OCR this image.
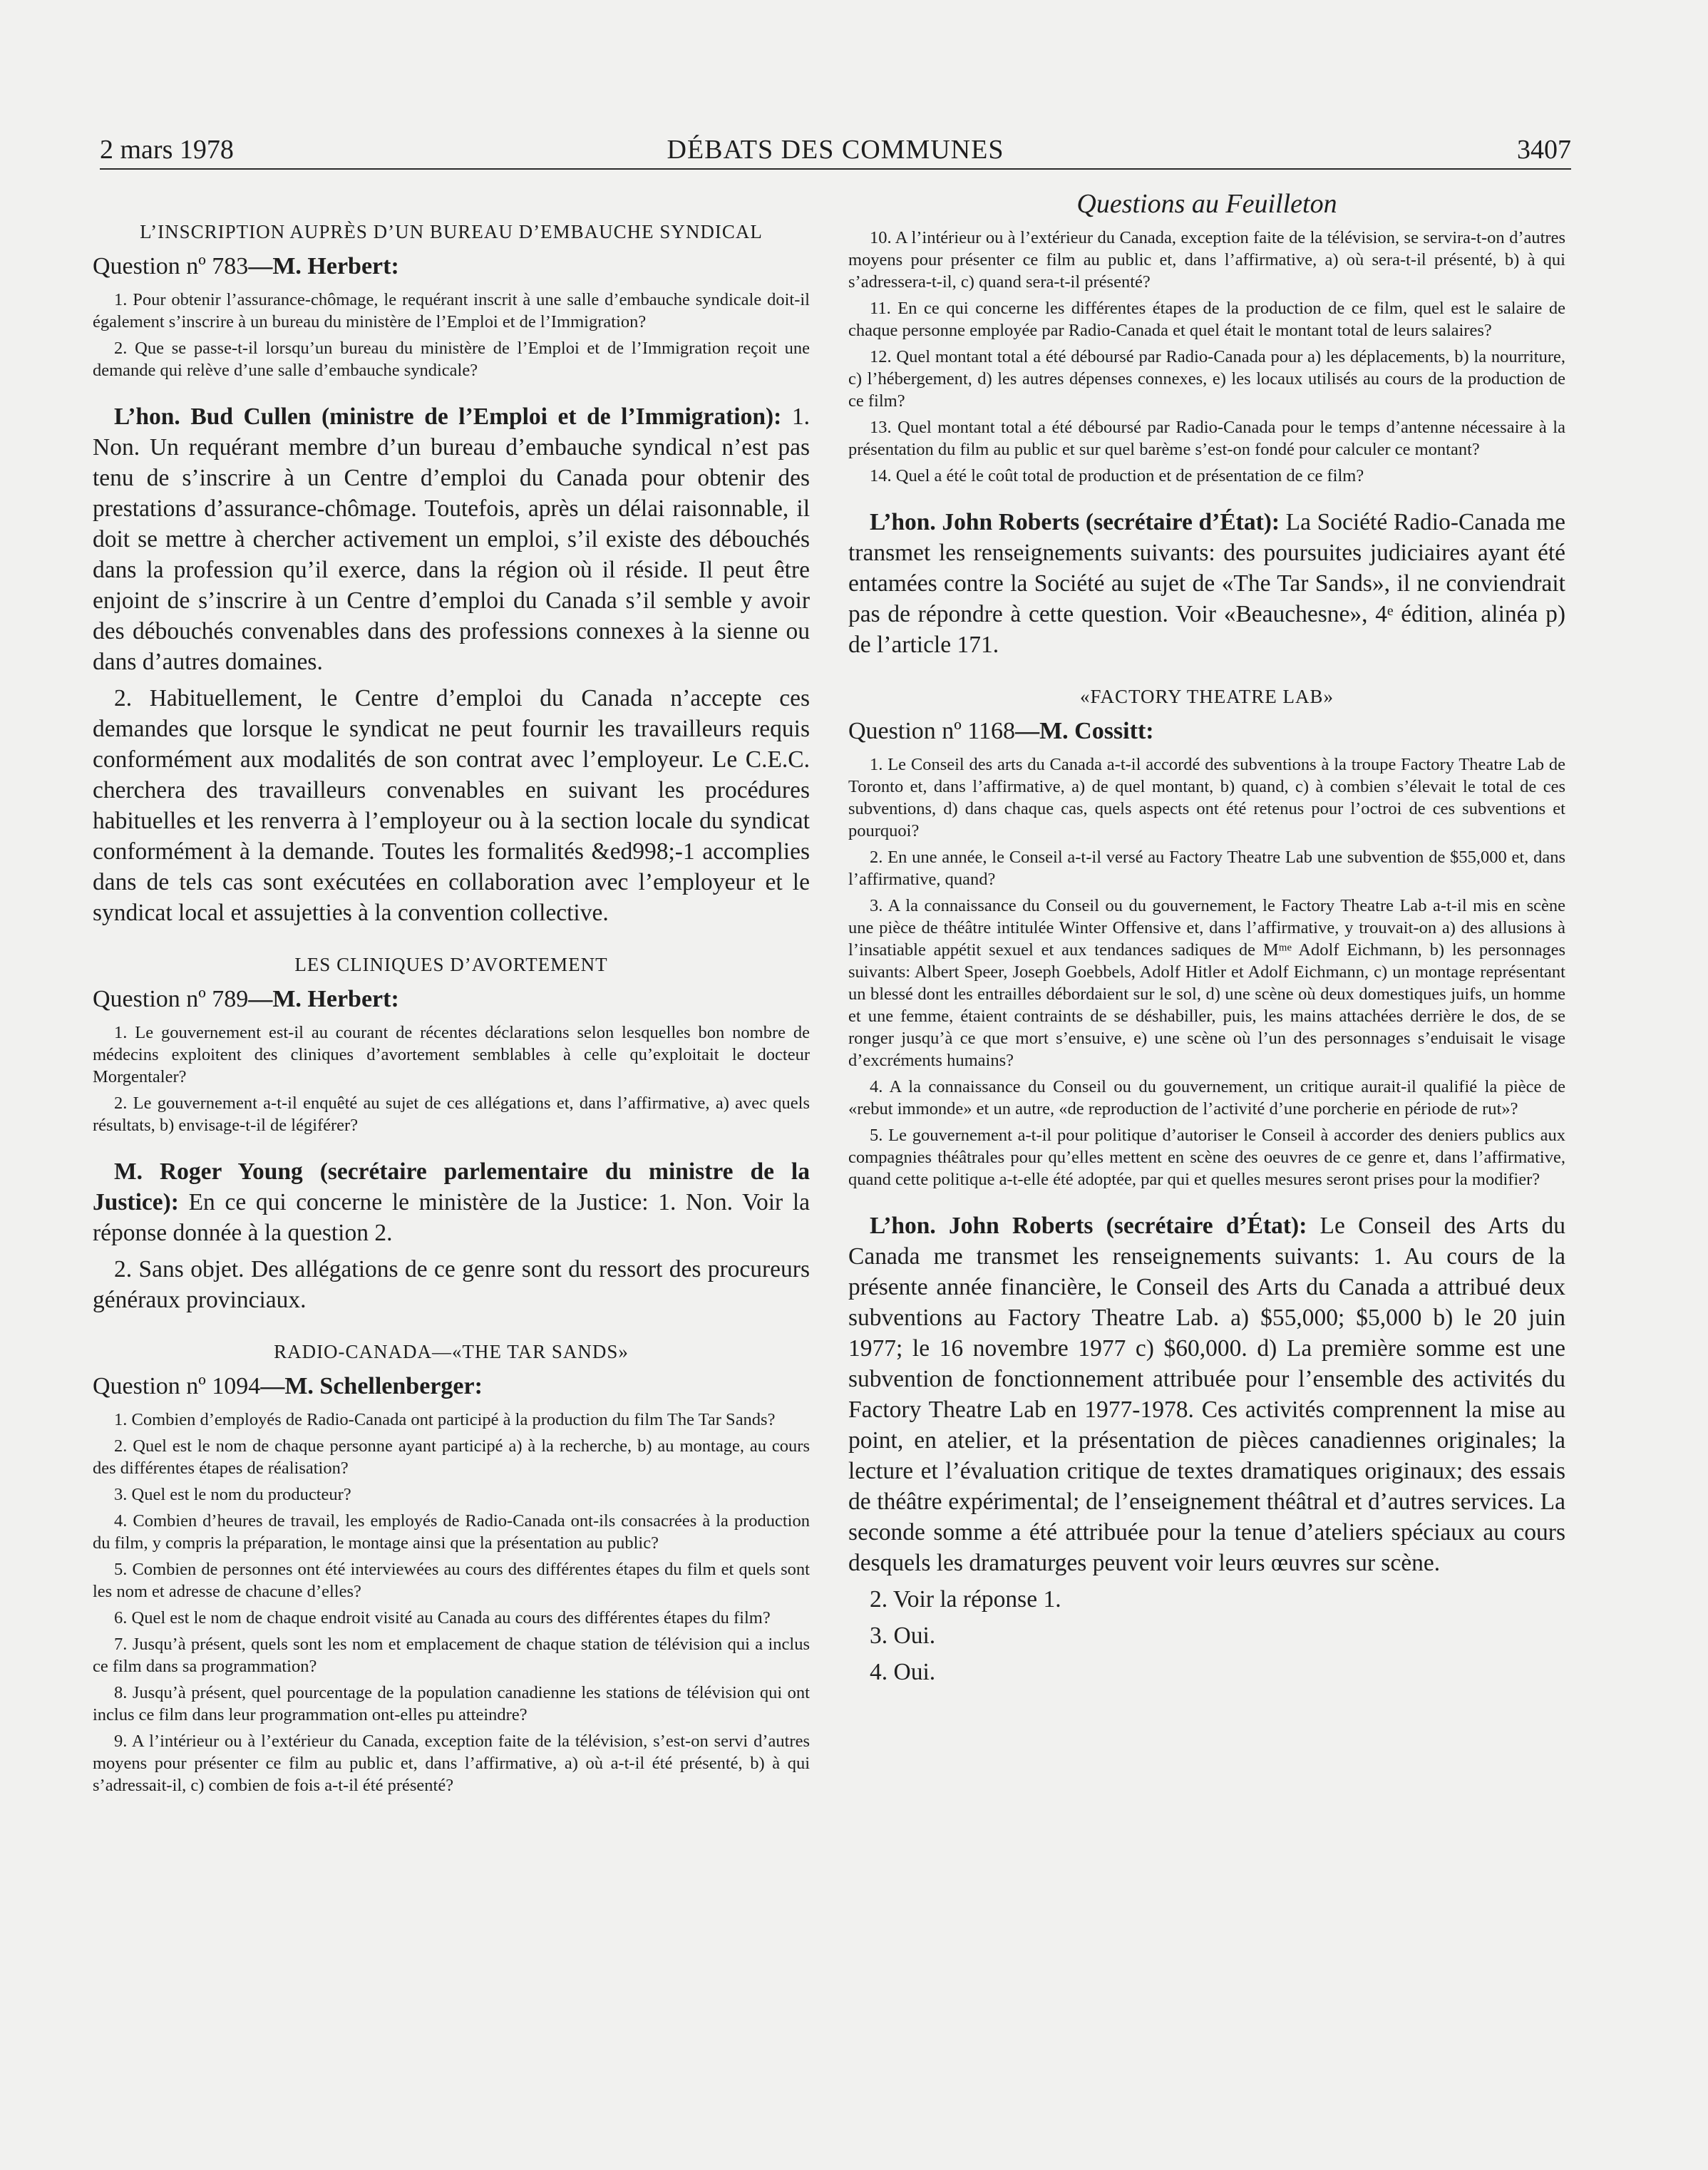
2 mars 1978	DÉBATS DES COMMUNES	3407
L’INSCRIPTION AUPRÈS D’UN BUREAU D’EMBAUCHE SYNDICAL
Question nº 783—M. Herbert:

1. Pour obtenir l’assurance-chômage, le requérant inscrit à une salle d’embauche syndicale doit-il également s’inscrire à un bureau du ministère de l’Emploi et de l’Immigration?

2. Que se passe-t-il lorsqu’un bureau du ministère de l’Emploi et de l’Immigration reçoit une demande qui relève d’une salle d’embauche syndicale?

L’hon. Bud Cullen (ministre de l’Emploi et de l’Immigration): 1. Non. Un requérant membre d’un bureau d’embauche syndical n’est pas tenu de s’inscrire à un Centre d’emploi du Canada pour obtenir des prestations d’assurance-chômage. Toutefois, après un délai raisonnable, il doit se mettre à chercher activement un emploi, s’il existe des débouchés dans la profession qu’il exerce, dans la région où il réside. Il peut être enjoint de s’inscrire à un Centre d’emploi du Canada s’il semble y avoir des débouchés convenables dans des professions connexes à la sienne ou dans d’autres domaines.

2. Habituellement, le Centre d’emploi du Canada n’accepte ces demandes que lorsque le syndicat ne peut fournir les travailleurs requis conformément aux modalités de son contrat avec l’employeur. Le C.E.C. cherchera des travailleurs convenables en suivant les procédures habituelles et les renverra à l’employeur ou à la section locale du syndicat conformément à la demande. Toutes les formalités &ed998;-1 accomplies dans de tels cas sont exécutées en collaboration avec l’employeur et le syndicat local et assujetties à la convention collective.

LES CLINIQUES D’AVORTEMENT
Question nº 789—M. Herbert:

1. Le gouvernement est-il au courant de récentes déclarations selon lesquelles bon nombre de médecins exploitent des cliniques d’avortement semblables à celle qu’exploitait le docteur Morgentaler?

2. Le gouvernement a-t-il enquêté au sujet de ces allégations et, dans l’affirmative, a) avec quels résultats, b) envisage-t-il de légiférer?

M. Roger Young (secrétaire parlementaire du ministre de la Justice): En ce qui concerne le ministère de la Justice: 1. Non. Voir la réponse donnée à la question 2.

2. Sans objet. Des allégations de ce genre sont du ressort des procureurs généraux provinciaux.

RADIO-CANADA—«THE TAR SANDS»
Question nº 1094—M. Schellenberger:

1. Combien d’employés de Radio-Canada ont participé à la production du film The Tar Sands?

2. Quel est le nom de chaque personne ayant participé a) à la recherche, b) au montage, au cours des différentes étapes de réalisation?

3. Quel est le nom du producteur?

4. Combien d’heures de travail, les employés de Radio-Canada ont-ils consacrées à la production du film, y compris la préparation, le montage ainsi que la présentation au public?

5. Combien de personnes ont été interviewées au cours des différentes étapes du film et quels sont les nom et adresse de chacune d’elles?

6. Quel est le nom de chaque endroit visité au Canada au cours des différentes étapes du film?

7. Jusqu’à présent, quels sont les nom et emplacement de chaque station de télévision qui a inclus ce film dans sa programmation?

8. Jusqu’à présent, quel pourcentage de la population canadienne les stations de télévision qui ont inclus ce film dans leur programmation ont-elles pu atteindre?

9. A l’intérieur ou à l’extérieur du Canada, exception faite de la télévision, s’est-on servi d’autres moyens pour présenter ce film au public et, dans l’affirmative, a) où a-t-il été présenté, b) à qui s’adressait-il, c) combien de fois a-t-il été présenté?

Questions au Feuilleton

10. A l’intérieur ou à l’extérieur du Canada, exception faite de la télévision, se servira-t-on d’autres moyens pour présenter ce film au public et, dans l’affirmative, a) où sera-t-il présenté, b) à qui s’adressera-t-il, c) quand sera-t-il présenté?

11. En ce qui concerne les différentes étapes de la production de ce film, quel est le salaire de chaque personne employée par Radio-Canada et quel était le montant total de leurs salaires?

12. Quel montant total a été déboursé par Radio-Canada pour a) les déplacements, b) la nourriture, c) l’hébergement, d) les autres dépenses connexes, e) les locaux utilisés au cours de la production de ce film?

13. Quel montant total a été déboursé par Radio-Canada pour le temps d’antenne nécessaire à la présentation du film au public et sur quel barème s’est-on fondé pour calculer ce montant?

14. Quel a été le coût total de production et de présentation de ce film?

L’hon. John Roberts (secrétaire d’État): La Société Radio-Canada me transmet les renseignements suivants: des poursuites judiciaires ayant été entamées contre la Société au sujet de «The Tar Sands», il ne conviendrait pas de répondre à cette question. Voir «Beauchesne», 4ᵉ édition, alinéa p) de l’article 171.

«FACTORY THEATRE LAB»
Question nº 1168—M. Cossitt:

1. Le Conseil des arts du Canada a-t-il accordé des subventions à la troupe Factory Theatre Lab de Toronto et, dans l’affirmative, a) de quel montant, b) quand, c) à combien s’élevait le total de ces subventions, d) dans chaque cas, quels aspects ont été retenus pour l’octroi de ces subventions et pourquoi?

2. En une année, le Conseil a-t-il versé au Factory Theatre Lab une subvention de $55,000 et, dans l’affirmative, quand?

3. A la connaissance du Conseil ou du gouvernement, le Factory Theatre Lab a-t-il mis en scène une pièce de théâtre intitulée Winter Offensive et, dans l’affirmative, y trouvait-on a) des allusions à l’insatiable appétit sexuel et aux tendances sadiques de Mᵐᵉ Adolf Eichmann, b) les personnages suivants: Albert Speer, Joseph Goebbels, Adolf Hitler et Adolf Eichmann, c) un montage représentant un blessé dont les entrailles débordaient sur le sol, d) une scène où deux domestiques juifs, un homme et une femme, étaient contraints de se déshabiller, puis, les mains attachées derrière le dos, de se ronger jusqu’à ce que mort s’ensuive, e) une scène où l’un des personnages s’enduisait le visage d’excréments humains?

4. A la connaissance du Conseil ou du gouvernement, un critique aurait-il qualifié la pièce de «rebut immonde» et un autre, «de reproduction de l’activité d’une porcherie en période de rut»?

5. Le gouvernement a-t-il pour politique d’autoriser le Conseil à accorder des deniers publics aux compagnies théâtrales pour qu’elles mettent en scène des oeuvres de ce genre et, dans l’affirmative, quand cette politique a-t-elle été adoptée, par qui et quelles mesures seront prises pour la modifier?

L’hon. John Roberts (secrétaire d’État): Le Conseil des Arts du Canada me transmet les renseignements suivants: 1. Au cours de la présente année financière, le Conseil des Arts du Canada a attribué deux subventions au Factory Theatre Lab. a) $55,000; $5,000 b) le 20 juin 1977; le 16 novembre 1977 c) $60,000. d) La première somme est une subvention de fonctionnement attribuée pour l’ensemble des activités du Factory Theatre Lab en 1977-1978. Ces activités comprennent la mise au point, en atelier, et la présentation de pièces canadiennes originales; la lecture et l’évaluation critique de textes dramatiques originaux; des essais de théâtre expérimental; de l’enseignement théâtral et d’autres services. La seconde somme a été attribuée pour la tenue d’ateliers spéciaux au cours desquels les dramaturges peuvent voir leurs œuvres sur scène.

2. Voir la réponse 1.

3. Oui.

4. Oui.
